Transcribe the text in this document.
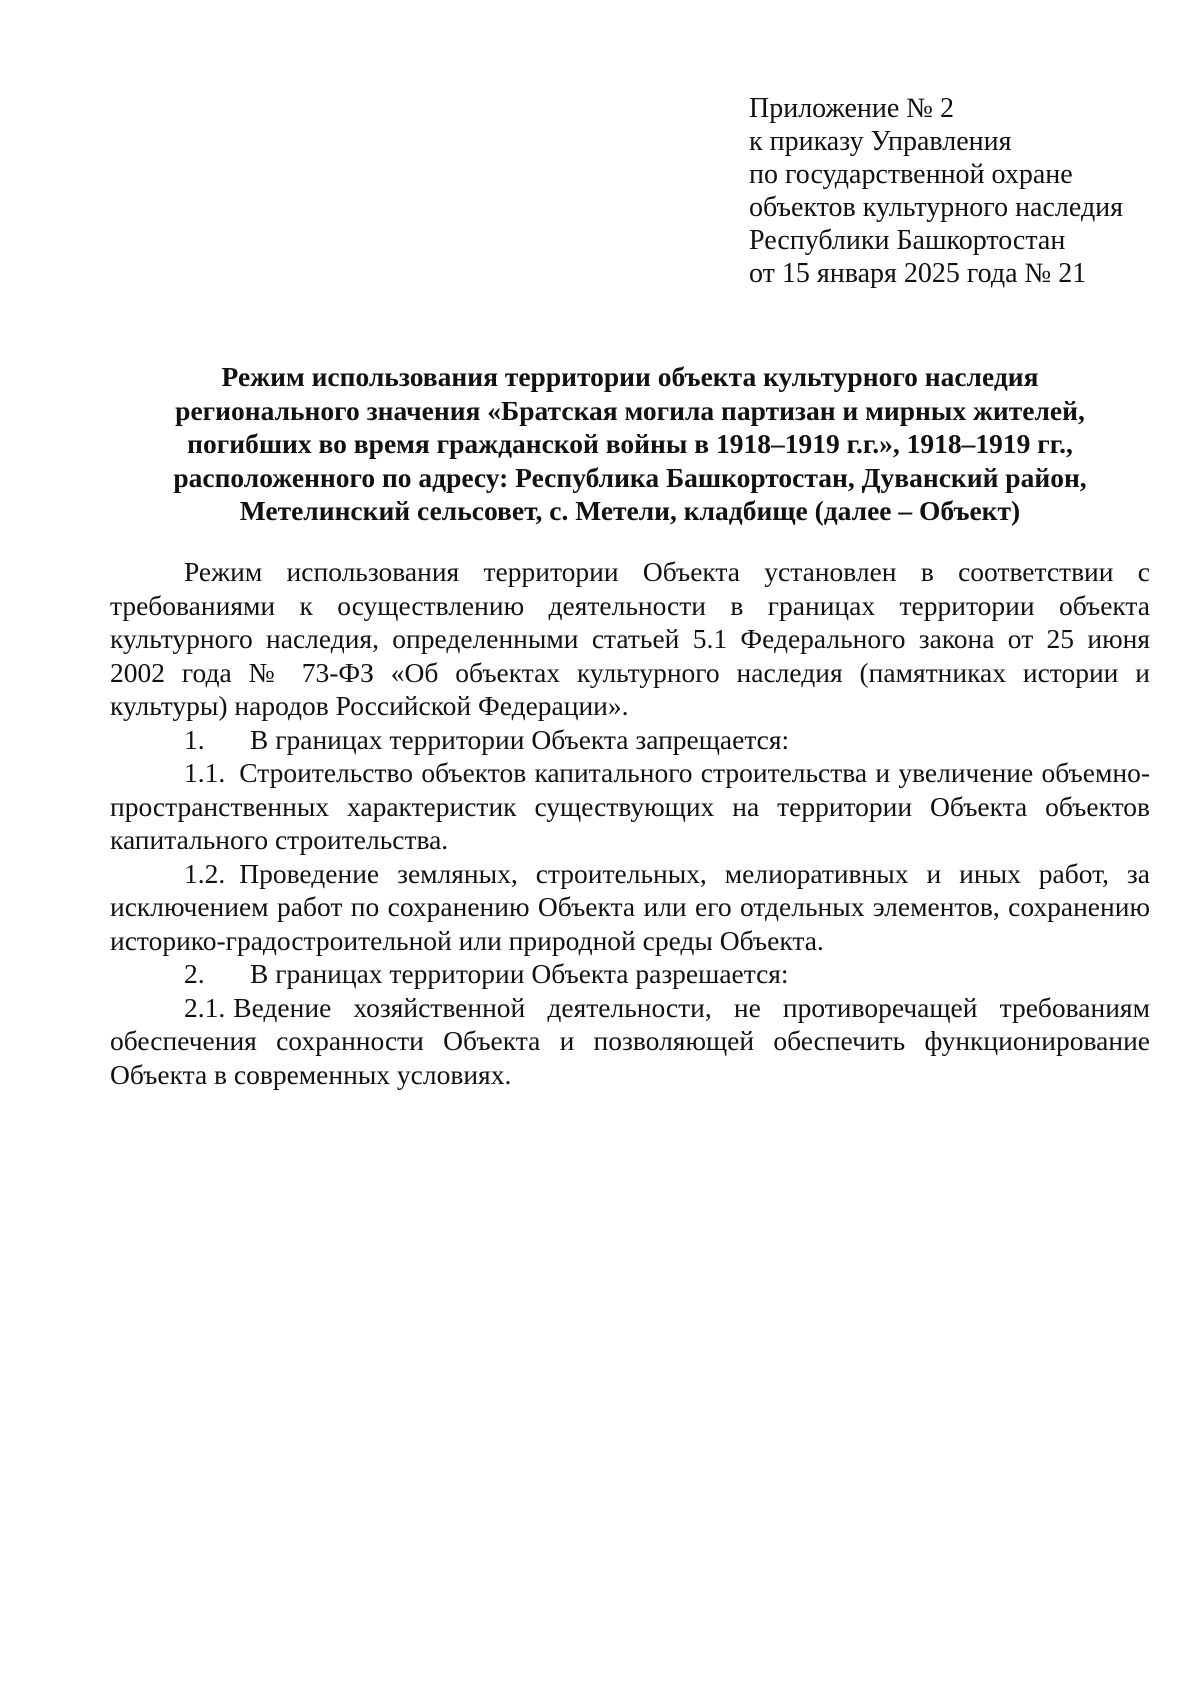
Приложение № 2
к приказу Управления
по государственной охране
объектов культурного наследия
Республики Башкортостан
от 15 января 2025 года № 21
Режим использования территории объекта культурного наследия
регионального значения «Братская могила партизан и мирных жителей,
погибших во время гражданской войны в 1918–1919 г.г.», 1918–1919 гг.,
расположенного по адресу: Республика Башкортостан, Дуванский район,
Метелинский сельсовет, с. Метели, кладбище (далее – Объект)

Режим использования территории Объекта установлен в соответствии с требованиями к осуществлению деятельности в границах территории объекта культурного наследия, определенными статьей 5.1 Федерального закона от 25 июня 2002 года № 73-ФЗ «Об объектах культурного наследия (памятниках истории и культуры) народов Российской Федерации».

1. В границах территории Объекта запрещается:

1.1. Строительство объектов капитального строительства и увеличение объемно-пространственных характеристик существующих на территории Объекта объектов капитального строительства.

1.2. Проведение земляных, строительных, мелиоративных и иных работ, за исключением работ по сохранению Объекта или его отдельных элементов, сохранению историко-градостроительной или природной среды Объекта.

2. В границах территории Объекта разрешается:

2.1. Ведение хозяйственной деятельности, не противоречащей требованиям обеспечения сохранности Объекта и позволяющей обеспечить функционирование Объекта в современных условиях.
